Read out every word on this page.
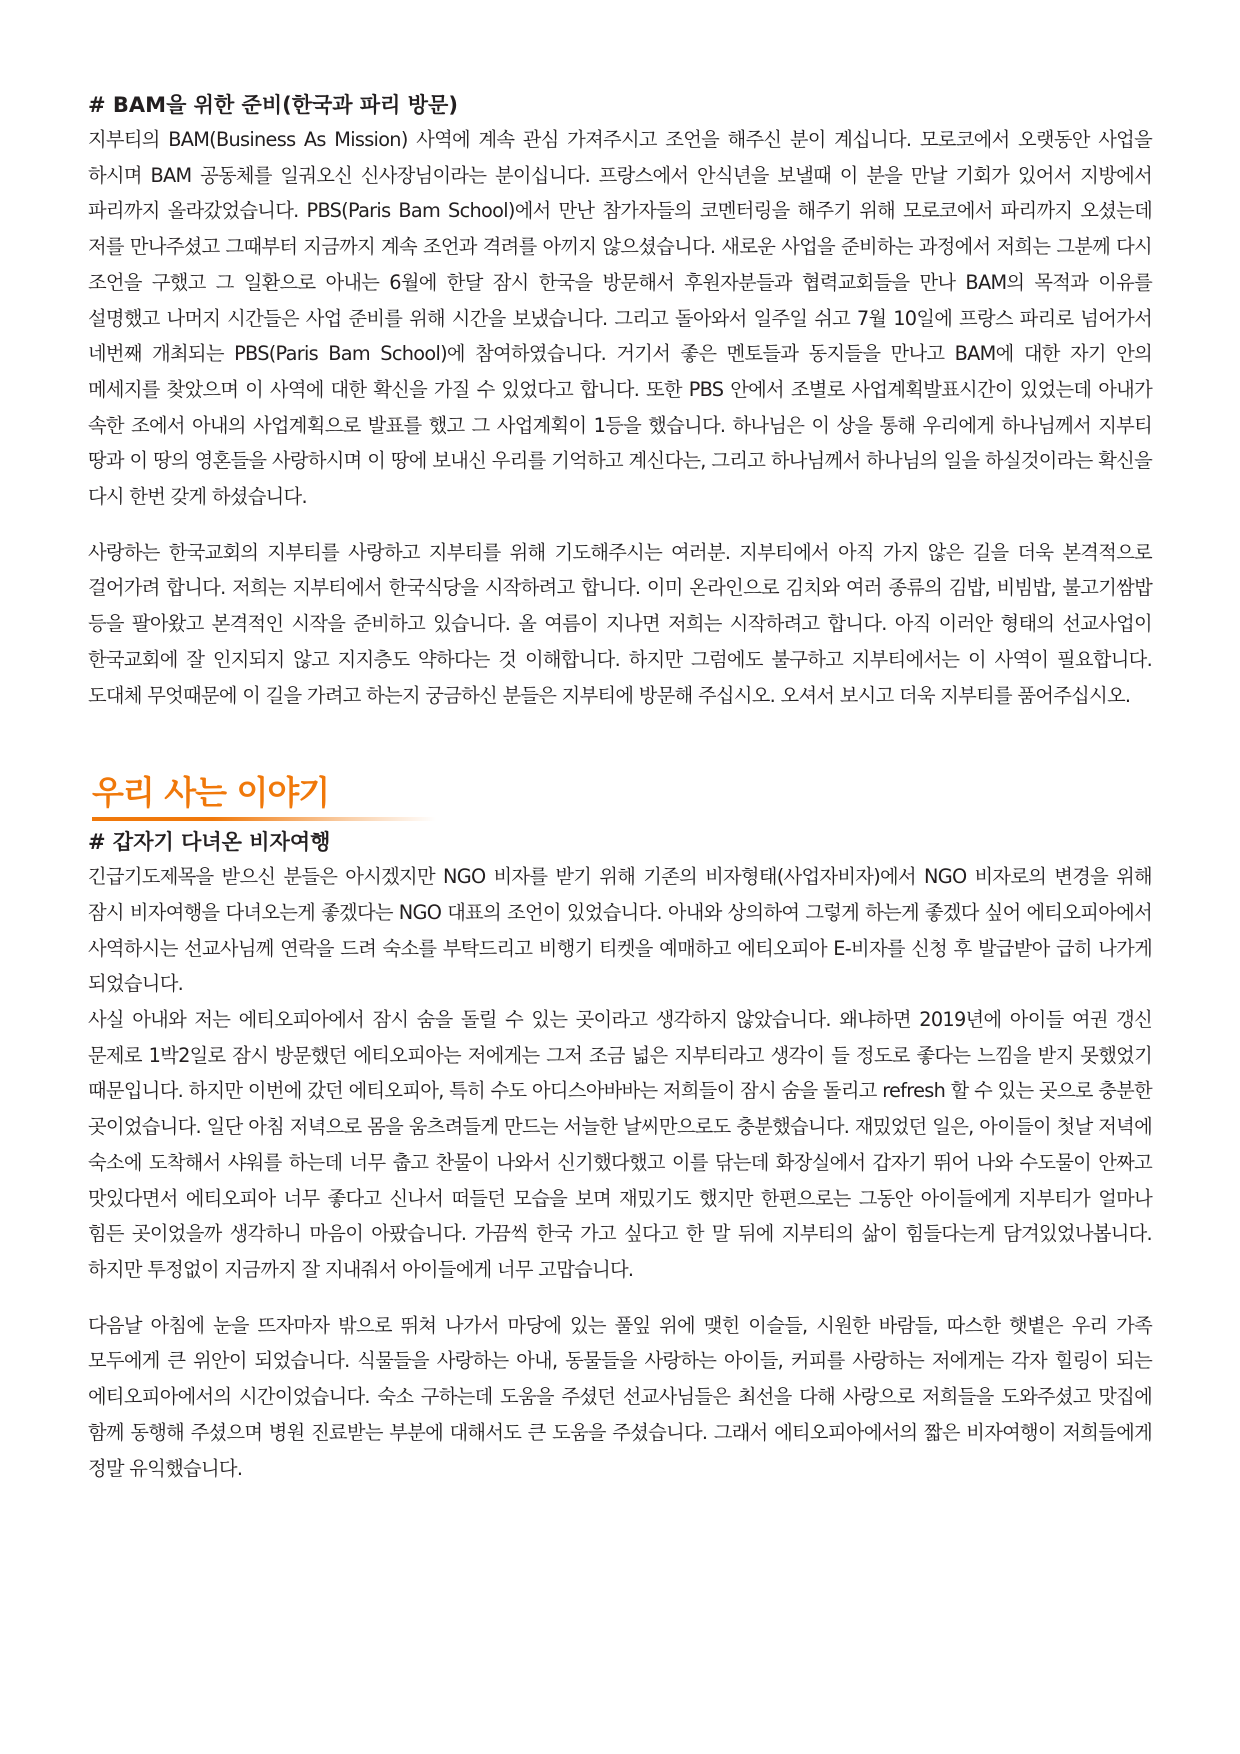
# BAM을 위한 준비(한국과 파리 방문)

지부티의 BAM(Business As Mission) 사역에 계속 관심 가져주시고 조언을 해주신 분이 계십니다. 모로코에서 오랫동안 사업을 하시며 BAM 공동체를 일궈오신 신사장님이라는 분이십니다. 프랑스에서 안식년을 보낼때 이 분을 만날 기회가 있어서 지방에서 파리까지 올라갔었습니다. PBS(Paris Bam School)에서 만난 참가자들의 코멘터링을 해주기 위해 모로코에서 파리까지 오셨는데 저를 만나주셨고 그때부터 지금까지 계속 조언과 격려를 아끼지 않으셨습니다. 새로운 사업을 준비하는 과정에서 저희는 그분께 다시 조언을 구했고 그 일환으로 아내는 6월에 한달 잠시 한국을 방문해서 후원자분들과 협력교회들을 만나 BAM의 목적과 이유를 설명했고 나머지 시간들은 사업 준비를 위해 시간을 보냈습니다. 그리고 돌아와서 일주일 쉬고 7월 10일에 프랑스 파리로 넘어가서 네번째 개최되는 PBS(Paris Bam School)에 참여하였습니다. 거기서 좋은 멘토들과 동지들을 만나고 BAM에 대한 자기 안의 메세지를 찾았으며 이 사역에 대한 확신을 가질 수 있었다고 합니다. 또한 PBS 안에서 조별로 사업계획발표시간이 있었는데 아내가 속한 조에서 아내의 사업계획으로 발표를 했고 그 사업계획이 1등을 했습니다. 하나님은 이 상을 통해 우리에게 하나님께서 지부티 땅과 이 땅의 영혼들을 사랑하시며 이 땅에 보내신 우리를 기억하고 계신다는, 그리고 하나님께서 하나님의 일을 하실것이라는 확신을 다시 한번 갖게 하셨습니다.

사랑하는 한국교회의 지부티를 사랑하고 지부티를 위해 기도해주시는 여러분. 지부티에서 아직 가지 않은 길을 더욱 본격적으로 걸어가려 합니다. 저희는 지부티에서 한국식당을 시작하려고 합니다. 이미 온라인으로 김치와 여러 종류의 김밥, 비빔밥, 불고기쌈밥 등을 팔아왔고 본격적인 시작을 준비하고 있습니다. 올 여름이 지나면 저희는 시작하려고 합니다. 아직 이러안 형태의 선교사업이 한국교회에 잘 인지되지 않고 지지층도 약하다는 것 이해합니다. 하지만 그럼에도 불구하고 지부티에서는 이 사역이 필요합니다. 도대체 무엇때문에 이 길을 가려고 하는지 궁금하신 분들은 지부티에 방문해 주십시오. 오셔서 보시고 더욱 지부티를 품어주십시오.

우리 사는 이야기
# 갑자기 다녀온 비자여행

긴급기도제목을 받으신 분들은 아시겠지만 NGO 비자를 받기 위해 기존의 비자형태(사업자비자)에서 NGO 비자로의 변경을 위해 잠시 비자여행을 다녀오는게 좋겠다는 NGO 대표의 조언이 있었습니다. 아내와 상의하여 그렇게 하는게 좋겠다 싶어 에티오피아에서 사역하시는 선교사님께 연락을 드려 숙소를 부탁드리고 비행기 티켓을 예매하고 에티오피아 E-비자를 신청 후 발급받아 급히 나가게 되었습니다.

사실 아내와 저는 에티오피아에서 잠시 숨을 돌릴 수 있는 곳이라고 생각하지 않았습니다. 왜냐하면 2019년에 아이들 여권 갱신 문제로 1박2일로 잠시 방문했던 에티오피아는 저에게는 그저 조금 넓은 지부티라고 생각이 들 정도로 좋다는 느낌을 받지 못했었기 때문입니다. 하지만 이번에 갔던 에티오피아, 특히 수도 아디스아바바는 저희들이 잠시 숨을 돌리고 refresh 할 수 있는 곳으로 충분한 곳이었습니다. 일단 아침 저녁으로 몸을 움츠려들게 만드는 서늘한 날씨만으로도 충분했습니다. 재밌었던 일은, 아이들이 첫날 저녁에 숙소에 도착해서 샤워를 하는데 너무 춥고 찬물이 나와서 신기했다했고 이를 닦는데 화장실에서 갑자기 뛰어 나와 수도물이 안짜고 맛있다면서 에티오피아 너무 좋다고 신나서 떠들던 모습을 보며 재밌기도 했지만 한편으로는 그동안 아이들에게 지부티가 얼마나 힘든 곳이었을까 생각하니 마음이 아팠습니다. 가끔씩 한국 가고 싶다고 한 말 뒤에 지부티의 삶이 힘들다는게 담겨있었나봅니다. 하지만 투정없이 지금까지 잘 지내줘서 아이들에게 너무 고맙습니다.

다음날 아침에 눈을 뜨자마자 밖으로 뛰쳐 나가서 마당에 있는 풀잎 위에 맺힌 이슬들, 시원한 바람들, 따스한 햇볕은 우리 가족 모두에게 큰 위안이 되었습니다. 식물들을 사랑하는 아내, 동물들을 사랑하는 아이들, 커피를 사랑하는 저에게는 각자 힐링이 되는 에티오피아에서의 시간이었습니다. 숙소 구하는데 도움을 주셨던 선교사님들은 최선을 다해 사랑으로 저희들을 도와주셨고 맛집에 함께 동행해 주셨으며 병원 진료받는 부분에 대해서도 큰 도움을 주셨습니다. 그래서 에티오피아에서의 짧은 비자여행이 저희들에게 정말 유익했습니다.
